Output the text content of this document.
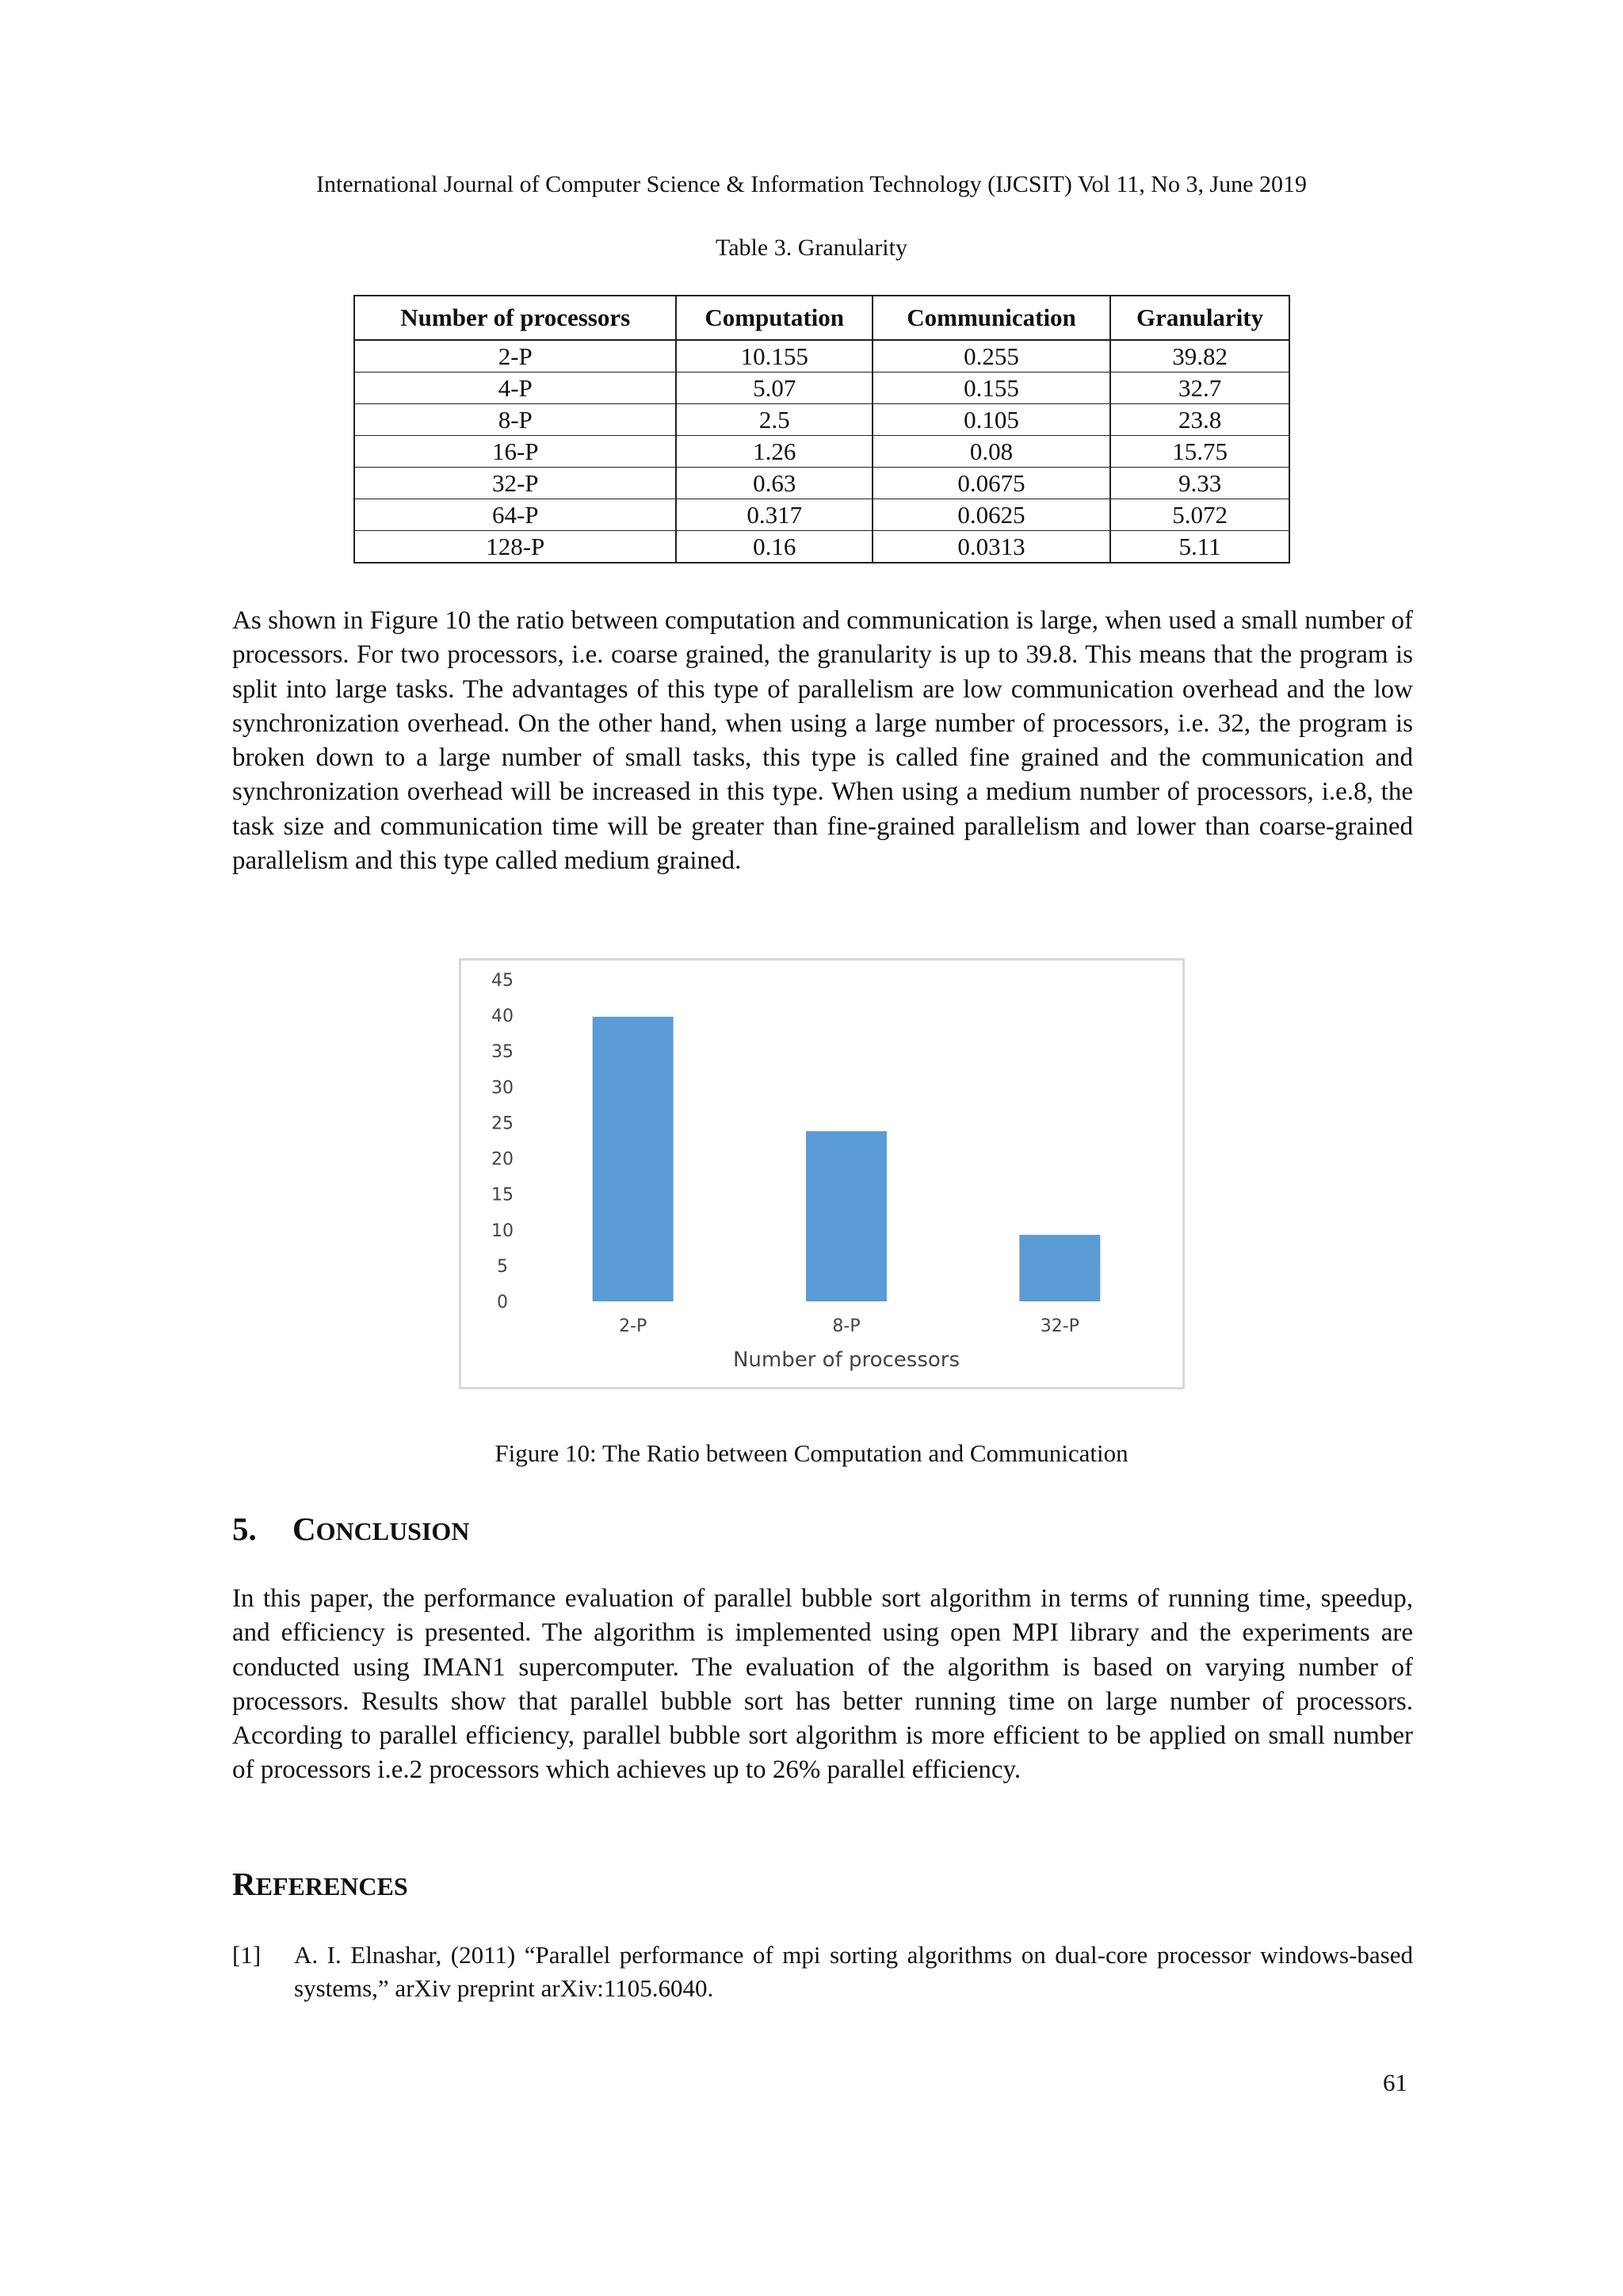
International Journal of Computer Science & Information Technology (IJCSIT) Vol 11, No 3, June 2019
Table 3. Granularity
Number of processors	Computation	Communication	Granularity
2-P	10.155	0.255	39.82
4-P	5.07	0.155	32.7
8-P	2.5	0.105	23.8
16-P	1.26	0.08	15.75
32-P	0.63	0.0675	9.33
64-P	0.317	0.0625	5.072
128-P	0.16	0.0313	5.11

As shown in Figure 10 the ratio between computation and communication is large, when used a small number of processors. For two processors, i.e. coarse grained, the granularity is up to 39.8. This means that the program is split into large tasks. The advantages of this type of parallelism are low communication overhead and the low synchronization overhead. On the other hand, when using a large number of processors, i.e. 32, the program is broken down to a large number of small tasks, this type is called fine grained and the communication and synchronization overhead will be increased in this type. When using a medium number of processors, i.e.8, the task size and communication time will be greater than fine-grained parallelism and lower than coarse-grained parallelism and this type called medium grained.

0
5
10
15
20
25
30
35
40
45
2-P	8-P	32-P
Number of processors
Figure 10: The Ratio between Computation and Communication
5. CONCLUSION

In this paper, the performance evaluation of parallel bubble sort algorithm in terms of running time, speedup, and efficiency is presented. The algorithm is implemented using open MPI library and the experiments are conducted using IMAN1 supercomputer. The evaluation of the algorithm is based on varying number of processors. Results show that parallel bubble sort has better running time on large number of processors. According to parallel efficiency, parallel bubble sort algorithm is more efficient to be applied on small number of processors i.e.2 processors which achieves up to 26% parallel efficiency.

REFERENCES
[1] A. I. Elnashar, (2011) “Parallel performance of mpi sorting algorithms on dual-core processor windows-based systems,” arXiv preprint arXiv:1105.6040.
61
